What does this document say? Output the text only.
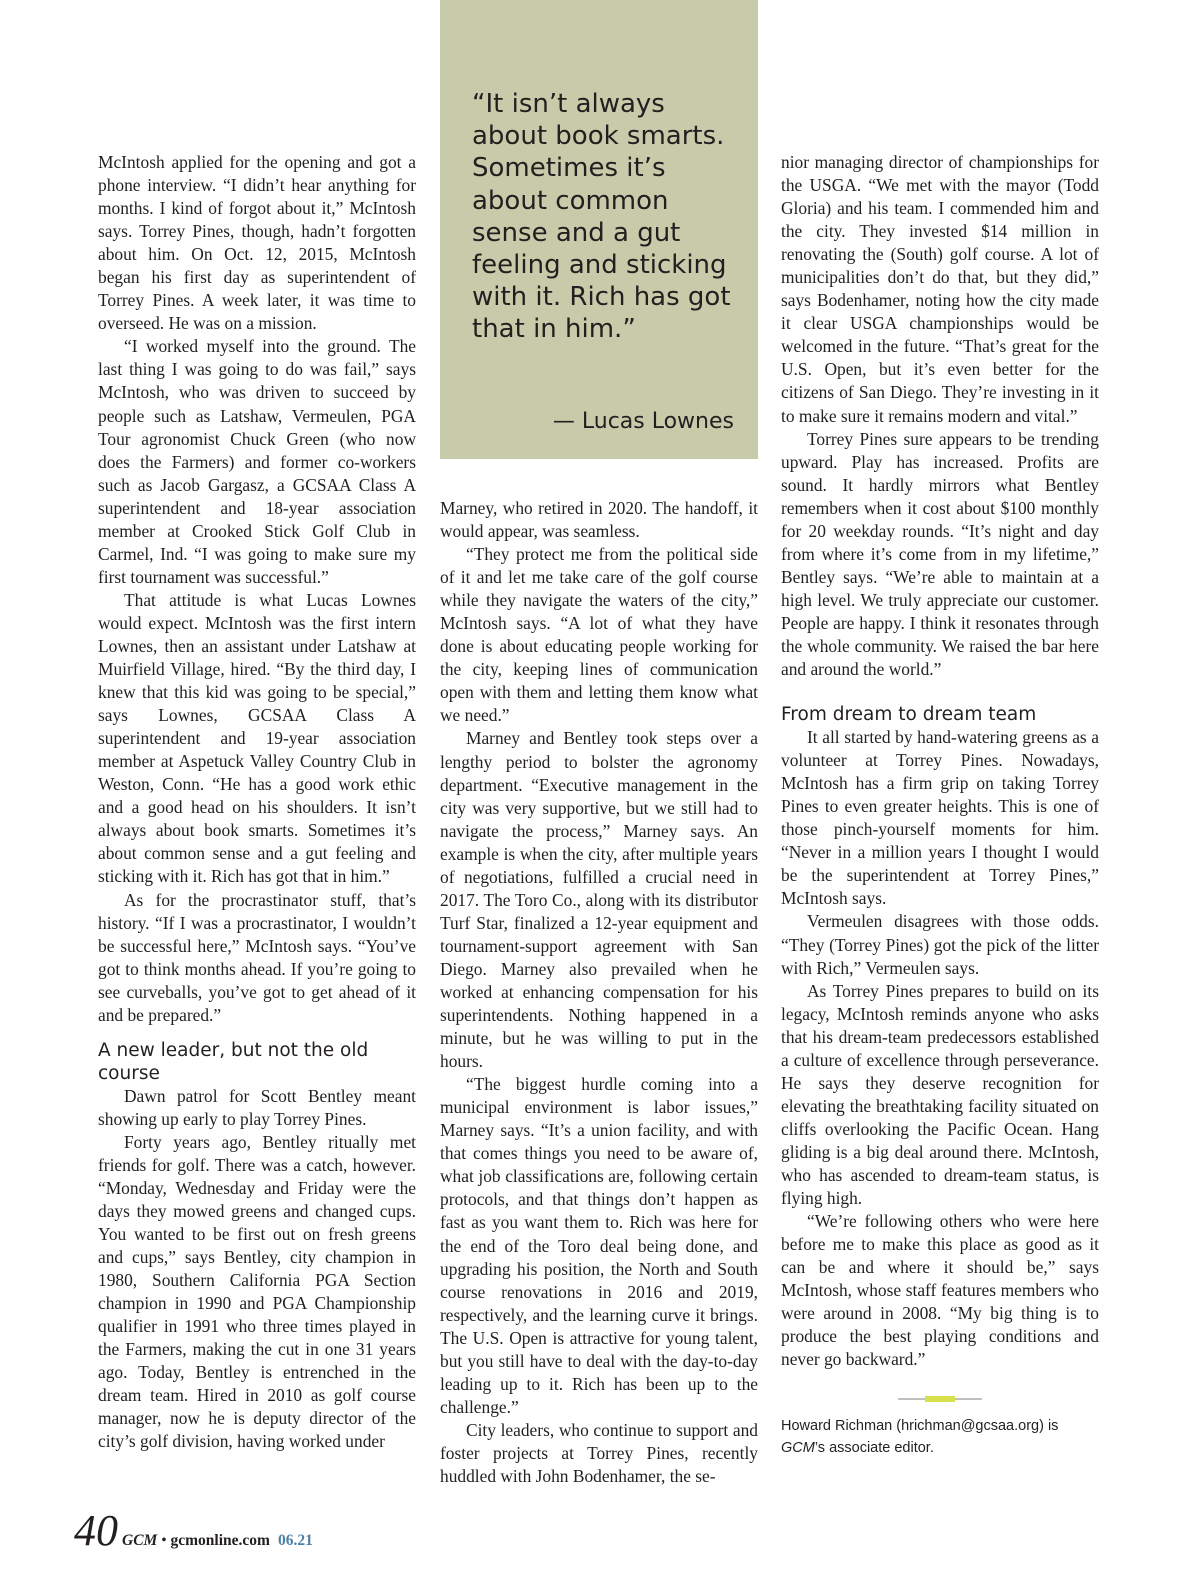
McIntosh applied for the opening and got a phone interview. “I didn’t hear anything for months. I kind of forgot about it,” McIntosh says. Torrey Pines, though, hadn’t forgotten about him. On Oct. 12, 2015, McIntosh began his first day as superintendent of Torrey Pines. A week later, it was time to overseed. He was on a mission.

“I worked myself into the ground. The last thing I was going to do was fail,” says McIntosh, who was driven to succeed by people such as Latshaw, Vermeulen, PGA Tour agronomist Chuck Green (who now does the Farmers) and former co-workers such as Jacob Gargasz, a GCSAA Class A superintendent and 18-year association member at Crooked Stick Golf Club in Carmel, Ind. “I was going to make sure my first tournament was successful.”

That attitude is what Lucas Lownes would expect. McIntosh was the first intern Lownes, then an assistant under Latshaw at Muirfield Village, hired. “By the third day, I knew that this kid was going to be special,” says Lownes, GCSAA Class A superintendent and 19-year association member at Aspetuck Valley Country Club in Weston, Conn. “He has a good work ethic and a good head on his shoulders. It isn’t always about book smarts. Sometimes it’s about common sense and a gut feeling and sticking with it. Rich has got that in him.”

As for the procrastinator stuff, that’s history. “If I was a procrastinator, I wouldn’t be successful here,” McIntosh says. “You’ve got to think months ahead. If you’re going to see curveballs, you’ve got to get ahead of it and be prepared.”

A new leader, but not the old course

Dawn patrol for Scott Bentley meant showing up early to play Torrey Pines.

Forty years ago, Bentley ritually met friends for golf. There was a catch, however. “Monday, Wednesday and Friday were the days they mowed greens and changed cups. You wanted to be first out on fresh greens and cups,” says Bentley, city champion in 1980, Southern California PGA Section champion in 1990 and PGA Championship qualifier in 1991 who three times played in the Farmers, making the cut in one 31 years ago. Today, Bentley is entrenched in the dream team. Hired in 2010 as golf course manager, now he is deputy director of the city’s golf division, having worked under

“It isn’t always about book smarts. Sometimes it’s about common sense and a gut feeling and sticking with it. Rich has got that in him.”
— Lucas Lownes

Marney, who retired in 2020. The handoff, it would appear, was seamless.

“They protect me from the political side of it and let me take care of the golf course while they navigate the waters of the city,” McIntosh says. “A lot of what they have done is about educating people working for the city, keeping lines of communication open with them and letting them know what we need.”

Marney and Bentley took steps over a lengthy period to bolster the agronomy department. “Executive management in the city was very supportive, but we still had to navigate the process,” Marney says. An example is when the city, after multiple years of negotiations, fulfilled a crucial need in 2017. The Toro Co., along with its distributor Turf Star, finalized a 12-year equipment and tournament-support agreement with San Diego. Marney also prevailed when he worked at enhancing compensation for his superintendents. Nothing happened in a minute, but he was willing to put in the hours.

“The biggest hurdle coming into a municipal environment is labor issues,” Marney says. “It’s a union facility, and with that comes things you need to be aware of, what job classifications are, following certain protocols, and that things don’t happen as fast as you want them to. Rich was here for the end of the Toro deal being done, and upgrading his position, the North and South course renovations in 2016 and 2019, respectively, and the learning curve it brings. The U.S. Open is attractive for young talent, but you still have to deal with the day-to-day leading up to it. Rich has been up to the challenge.”

City leaders, who continue to support and foster projects at Torrey Pines, recently huddled with John Bodenhamer, the se-

nior managing director of championships for the USGA. “We met with the mayor (Todd Gloria) and his team. I commended him and the city. They invested $14 million in renovating the (South) golf course. A lot of municipalities don’t do that, but they did,” says Bodenhamer, noting how the city made it clear USGA championships would be welcomed in the future. “That’s great for the U.S. Open, but it’s even better for the citizens of San Diego. They’re investing in it to make sure it remains modern and vital.”

Torrey Pines sure appears to be trending upward. Play has increased. Profits are sound. It hardly mirrors what Bentley remembers when it cost about $100 monthly for 20 weekday rounds. “It’s night and day from where it’s come from in my lifetime,” Bentley says. “We’re able to maintain at a high level. We truly appreciate our customer. People are happy. I think it resonates through the whole community. We raised the bar here and around the world.”

From dream to dream team

It all started by hand-watering greens as a volunteer at Torrey Pines. Nowadays, McIntosh has a firm grip on taking Torrey Pines to even greater heights. This is one of those pinch-yourself moments for him. “Never in a million years I thought I would be the superintendent at Torrey Pines,” McIntosh says.

Vermeulen disagrees with those odds. “They (Torrey Pines) got the pick of the litter with Rich,” Vermeulen says.

As Torrey Pines prepares to build on its legacy, McIntosh reminds anyone who asks that his dream-team predecessors established a culture of excellence through perseverance. He says they deserve recognition for elevating the breathtaking facility situated on cliffs overlooking the Pacific Ocean. Hang gliding is a big deal around there. McIntosh, who has ascended to dream-team status, is flying high.

“We’re following others who were here before me to make this place as good as it can be and where it should be,” says McIntosh, whose staff features members who were around in 2008. “My big thing is to produce the best playing conditions and never go backward.”

Howard Richman (hrichman@gcsaa.org) is GCM’s associate editor.
40 GCM • gcmonline.com 06.21
